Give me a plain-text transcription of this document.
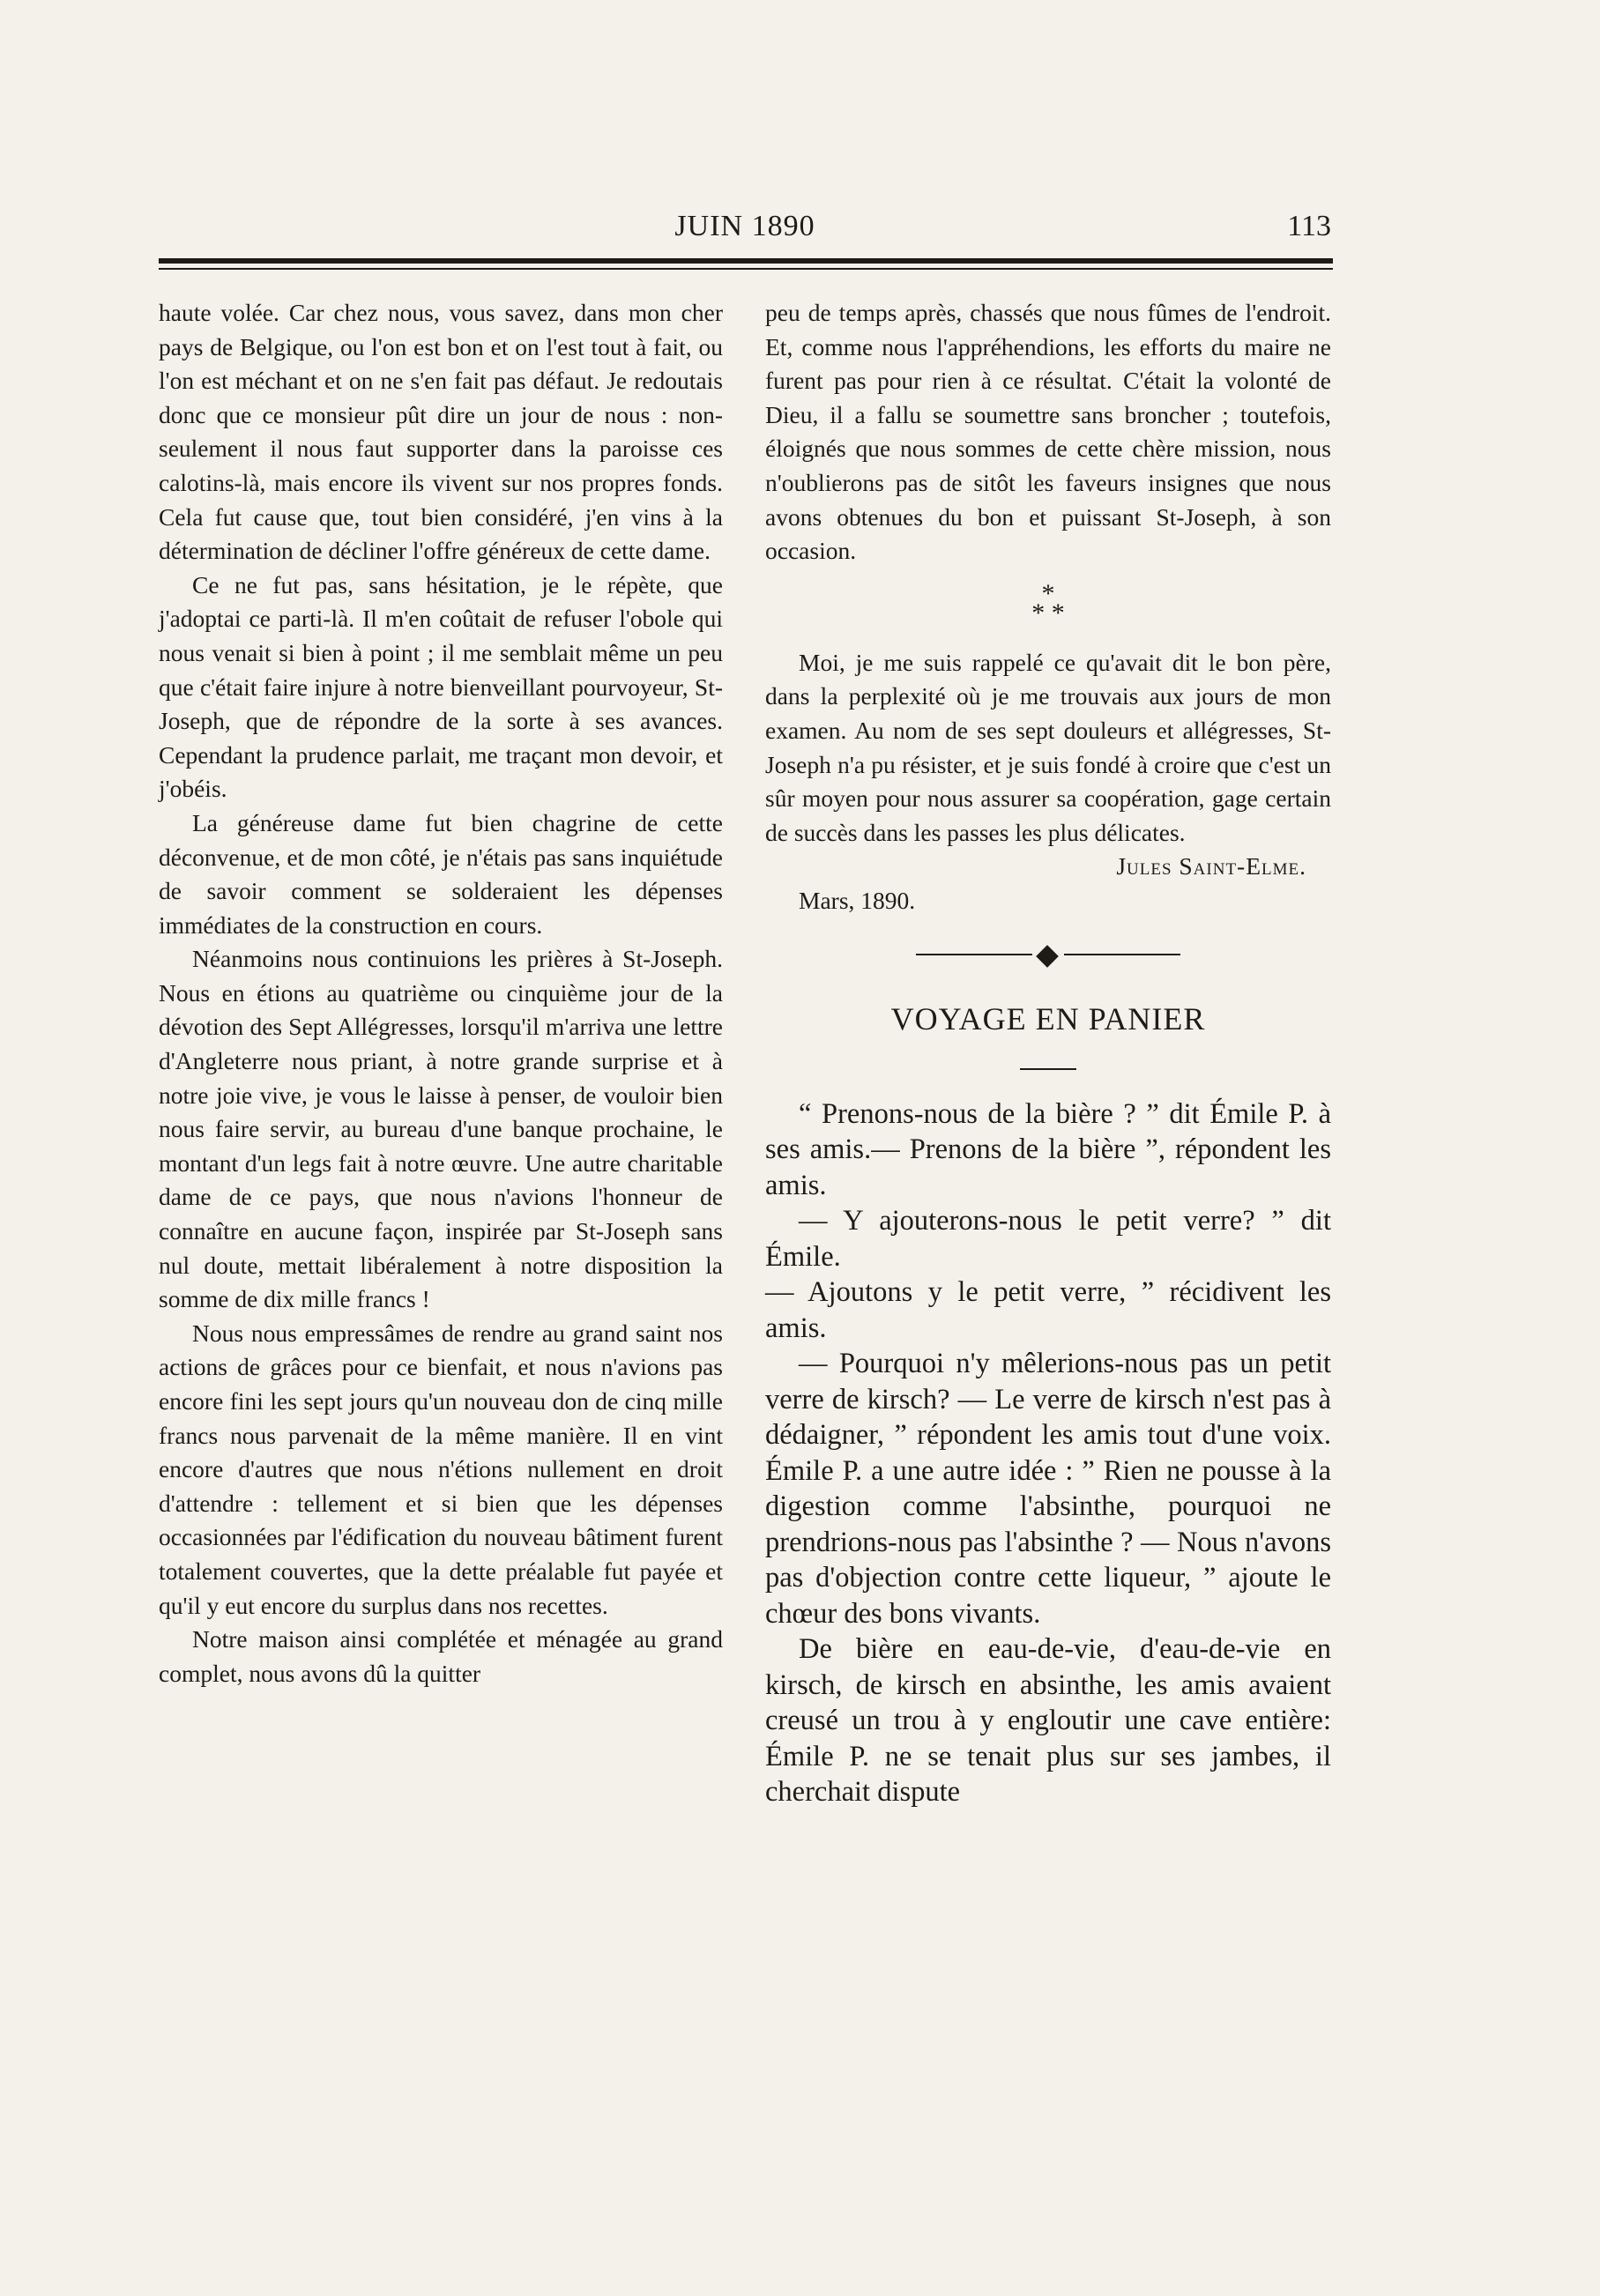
JUIN 1890	113

haute volée. Car chez nous, vous savez, dans mon cher pays de Belgique, ou l'on est bon et on l'est tout à fait, ou l'on est méchant et on ne s'en fait pas défaut. Je redoutais donc que ce monsieur pût dire un jour de nous : non-seulement il nous faut supporter dans la paroisse ces calotins-là, mais encore ils vivent sur nos propres fonds. Cela fut cause que, tout bien considéré, j'en vins à la détermination de décliner l'offre généreux de cette dame.

Ce ne fut pas, sans hésitation, je le répète, que j'adoptai ce parti-là. Il m'en coûtait de refuser l'obole qui nous venait si bien à point ; il me semblait même un peu que c'était faire injure à notre bienveillant pourvoyeur, St-Joseph, que de répondre de la sorte à ses avances. Cependant la prudence parlait, me traçant mon devoir, et j'obéis.

La généreuse dame fut bien chagrine de cette déconvenue, et de mon côté, je n'étais pas sans inquiétude de savoir comment se solderaient les dépenses immédiates de la construction en cours.

Néanmoins nous continuions les prières à St-Joseph. Nous en étions au quatrième ou cinquième jour de la dévotion des Sept Allégresses, lorsqu'il m'arriva une lettre d'Angleterre nous priant, à notre grande surprise et à notre joie vive, je vous le laisse à penser, de vouloir bien nous faire servir, au bureau d'une banque prochaine, le montant d'un legs fait à notre œuvre. Une autre charitable dame de ce pays, que nous n'avions l'honneur de connaître en aucune façon, inspirée par St-Joseph sans nul doute, mettait libéralement à notre disposition la somme de dix mille francs !

Nous nous empressâmes de rendre au grand saint nos actions de grâces pour ce bienfait, et nous n'avions pas encore fini les sept jours qu'un nouveau don de cinq mille francs nous parvenait de la même manière. Il en vint encore d'autres que nous n'étions nullement en droit d'attendre : tellement et si bien que les dépenses occasionnées par l'édification du nouveau bâtiment furent totalement couvertes, que la dette préalable fut payée et qu'il y eut encore du surplus dans nos recettes.

Notre maison ainsi complétée et ménagée au grand complet, nous avons dû la quitter

peu de temps après, chassés que nous fûmes de l'endroit. Et, comme nous l'appréhendions, les efforts du maire ne furent pas pour rien à ce résultat. C'était la volonté de Dieu, il a fallu se soumettre sans broncher ; toutefois, éloignés que nous sommes de cette chère mission, nous n'oublierons pas de sitôt les faveurs insignes que nous avons obtenues du bon et puissant St-Joseph, à son occasion.

*
* *

Moi, je me suis rappelé ce qu'avait dit le bon père, dans la perplexité où je me trouvais aux jours de mon examen. Au nom de ses sept douleurs et allégresses, St-Joseph n'a pu résister, et je suis fondé à croire que c'est un sûr moyen pour nous assurer sa coopération, gage certain de succès dans les passes les plus délicates.

Jules Saint-Elme.

Mars, 1890.

VOYAGE EN PANIER

“ Prenons-nous de la bière ? ” dit Émile P. à ses amis.— Prenons de la bière ”, répondent les amis.

— Y ajouterons-nous le petit verre? ” dit Émile.

— Ajoutons y le petit verre, ” récidivent les amis.

— Pourquoi n'y mêlerions-nous pas un petit verre de kirsch? — Le verre de kirsch n'est pas à dédaigner, ” répondent les amis tout d'une voix. Émile P. a une autre idée : ” Rien ne pousse à la digestion comme l'absinthe, pourquoi ne prendrions-nous pas l'absinthe ? — Nous n'avons pas d'objection contre cette liqueur, ” ajoute le chœur des bons vivants.

De bière en eau-de-vie, d'eau-de-vie en kirsch, de kirsch en absinthe, les amis avaient creusé un trou à y engloutir une cave entière: Émile P. ne se tenait plus sur ses jambes, il cherchait dispute
